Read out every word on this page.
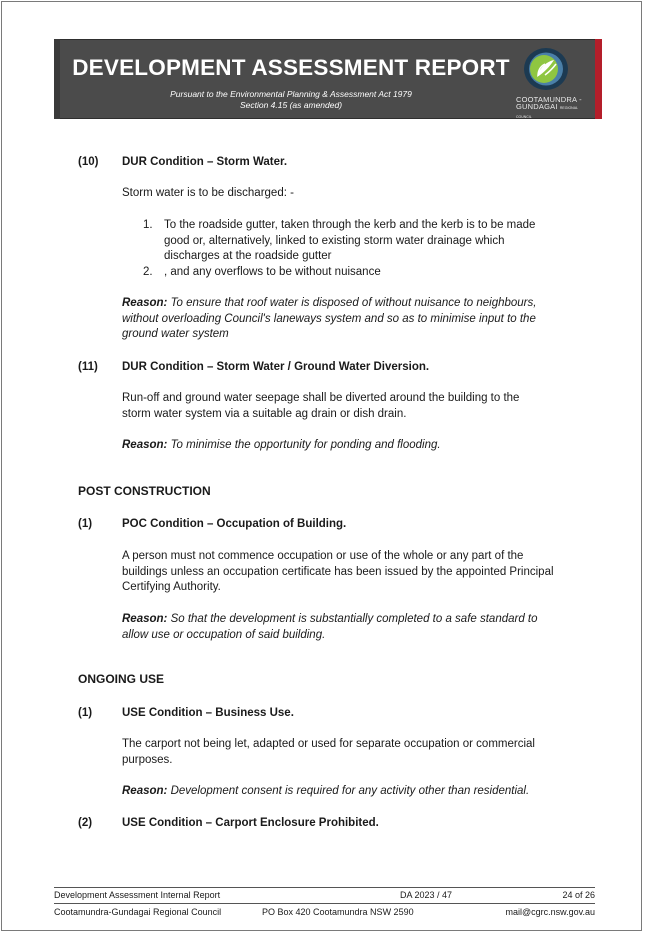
DEVELOPMENT ASSESSMENT REPORT
Pursuant to the Environmental Planning & Assessment Act 1979
Section 4.15 (as amended)
COOTAMUNDRA -
GUNDAGAI REGIONAL COUNCIL
(10) DUR Condition – Storm Water.
Storm water is to be discharged: -
1. To the roadside gutter, taken through the kerb and the kerb is to be made
good or, alternatively, linked to existing storm water drainage which
discharges at the roadside gutter
2. , and any overflows to be without nuisance
Reason: To ensure that roof water is disposed of without nuisance to neighbours,
without overloading Council's laneways system and so as to minimise input to the
ground water system
(11) DUR Condition – Storm Water / Ground Water Diversion.
Run-off and ground water seepage shall be diverted around the building to the
storm water system via a suitable ag drain or dish drain.
Reason: To minimise the opportunity for ponding and flooding.
POST CONSTRUCTION
(1)	POC Condition – Occupation of Building.
A person must not commence occupation or use of the whole or any part of the
buildings unless an occupation certificate has been issued by the appointed Principal
Certifying Authority.
Reason: So that the development is substantially completed to a safe standard to
allow use or occupation of said building.
ONGOING USE
(1)	USE Condition – Business Use.
The carport not being let, adapted or used for separate occupation or commercial
purposes.
Reason: Development consent is required for any activity other than residential.
(2)	USE Condition – Carport Enclosure Prohibited.
Development Assessment Internal Report	DA 2023 / 47	24 of 26
Cootamundra-Gundagai Regional Council	PO Box 420 Cootamundra NSW 2590	mail@cgrc.nsw.gov.au
